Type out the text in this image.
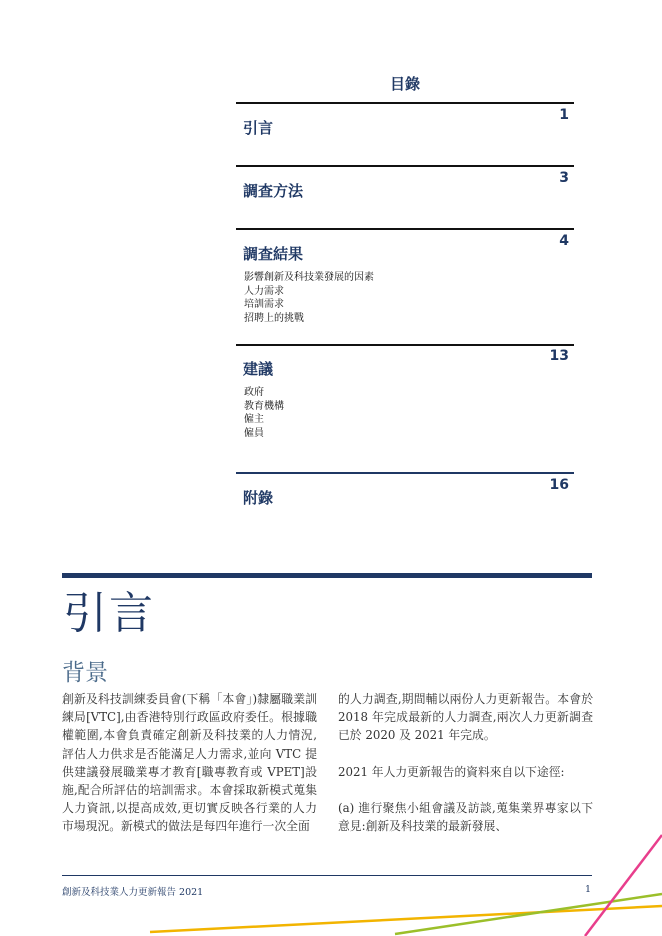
目錄
引言
1
調查方法
3
調查結果
4
影響創新及科技業發展的因素
人力需求
培訓需求
招聘上的挑戰
建議
13
政府
教育機構
僱主
僱員
附錄
16
引言
背景

創新及科技訓練委員會(下稱「本會」)隸屬職業訓練局[VTC],由香港特別行政區政府委任。根據職權範圍,本會負責確定創新及科技業的人力情況,評估人力供求是否能滿足人力需求,並向 VTC 提供建議發展職業專才教育[職專教育或 VPET]設施,配合所評估的培訓需求。本會採取新模式蒐集人力資訊,以提高成效,更切實反映各行業的人力市場現況。新模式的做法是每四年進行一次全面

的人力調查,期間輔以兩份人力更新報告。本會於 2018 年完成最新的人力調查,兩次人力更新調查已於 2020 及 2021 年完成。

2021 年人力更新報告的資料來自以下途徑:

(a) 進行聚焦小組會議及訪談,蒐集業界專家以下意見:創新及科技業的最新發展、

創新及科技業人力更新報告 2021	1
